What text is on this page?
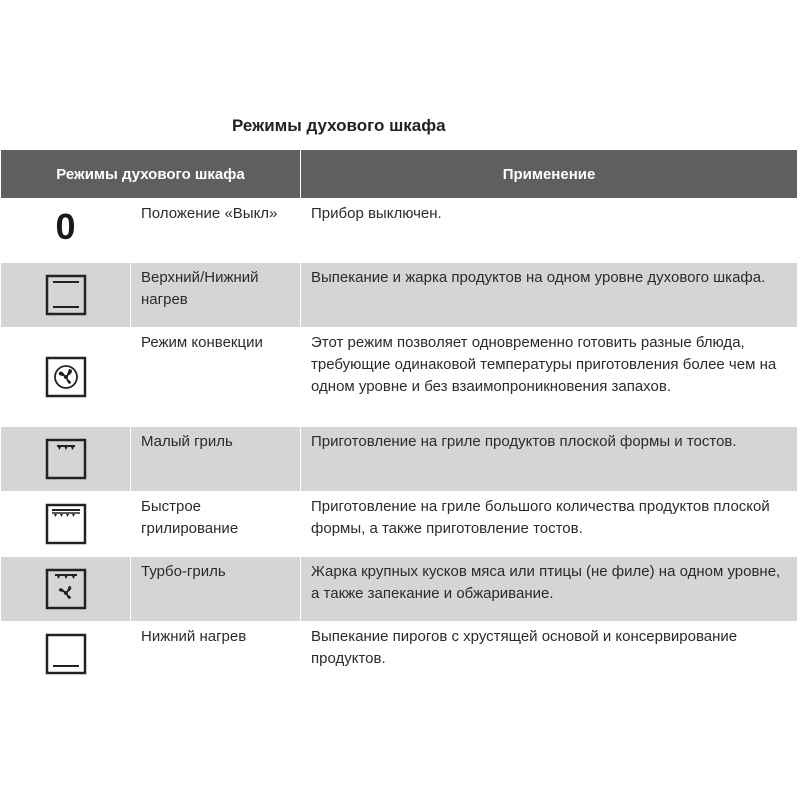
Режимы духового шкафа
Режимы духового шкафа		Применение
0	Положение «Выкл»	Прибор выключен.

	Верхний/Нижний нагрев	Выпекание и жарка продуктов на одном уровне духового шкафа.

	Режим конвекции	Этот режим позволяет одновременно готовить разные блюда, требующие одинаковой температуры приготовления более чем на одном уровне и без взаимопроникновения запахов.

	Малый гриль	Приготовление на гриле продуктов плоской формы и тостов.

	Быстрое грилирование	Приготовление на гриле большого количества продуктов плоской формы, а также приготовление тостов.

	Турбо-гриль	Жарка крупных кусков мяса или птицы (не филе) на одном уровне, а также запекание и обжаривание.

	Нижний нагрев	Выпекание пирогов с хрустящей основой и консервирование продуктов.
